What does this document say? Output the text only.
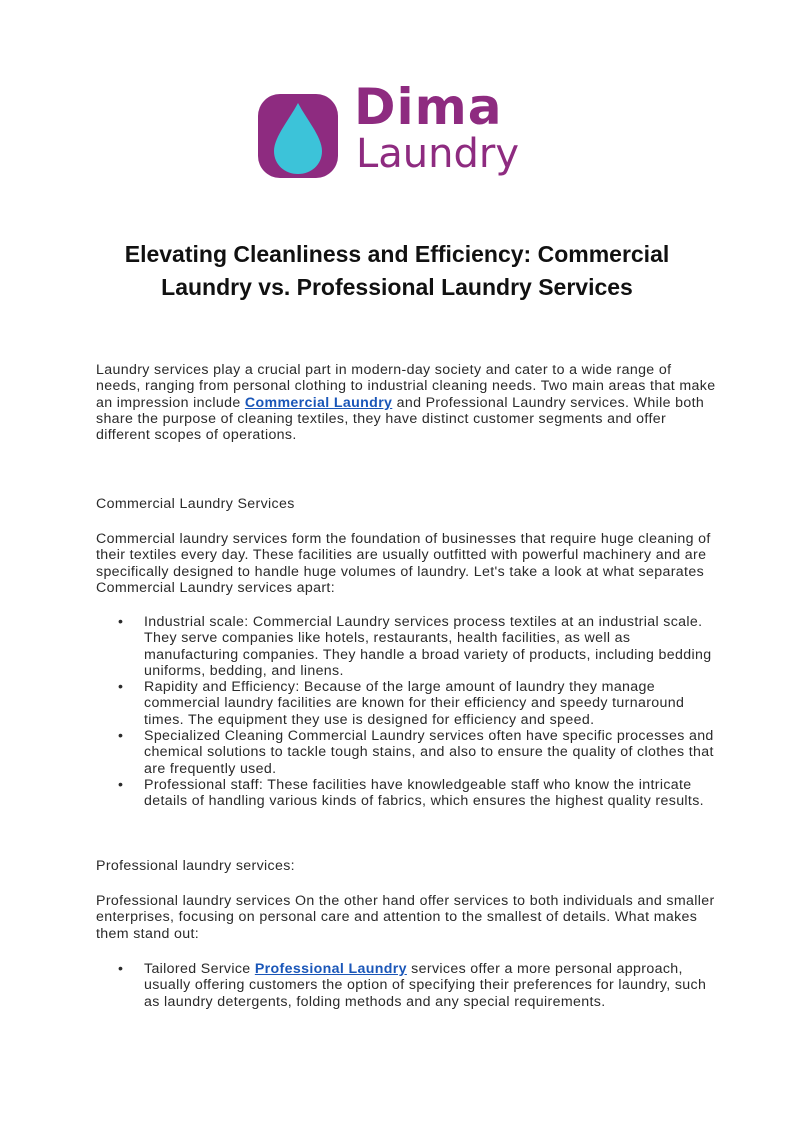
Dima
Laundry
Elevating Cleanliness and Efficiency: Commercial Laundry vs. Professional Laundry Services

Laundry services play a crucial part in modern-day society and cater to a wide range of needs, ranging from personal clothing to industrial cleaning needs. Two main areas that make an impression include Commercial Laundry and Professional Laundry services. While both share the purpose of cleaning textiles, they have distinct customer segments and offer different scopes of operations.

Commercial Laundry Services

Commercial laundry services form the foundation of businesses that require huge cleaning of their textiles every day. These facilities are usually outfitted with powerful machinery and are specifically designed to handle huge volumes of laundry. Let's take a look at what separates Commercial Laundry services apart:

• Industrial scale: Commercial Laundry services process textiles at an industrial scale. They serve companies like hotels, restaurants, health facilities, as well as manufacturing companies. They handle a broad variety of products, including bedding uniforms, bedding, and linens.
• Rapidity and Efficiency: Because of the large amount of laundry they manage commercial laundry facilities are known for their efficiency and speedy turnaround times. The equipment they use is designed for efficiency and speed.
• Specialized Cleaning Commercial Laundry services often have specific processes and chemical solutions to tackle tough stains, and also to ensure the quality of clothes that are frequently used.
• Professional staff: These facilities have knowledgeable staff who know the intricate details of handling various kinds of fabrics, which ensures the highest quality results.

Professional laundry services:

Professional laundry services On the other hand offer services to both individuals and smaller enterprises, focusing on personal care and attention to the smallest of details. What makes them stand out:

• Tailored Service Professional Laundry services offer a more personal approach, usually offering customers the option of specifying their preferences for laundry, such as laundry detergents, folding methods and any special requirements.
